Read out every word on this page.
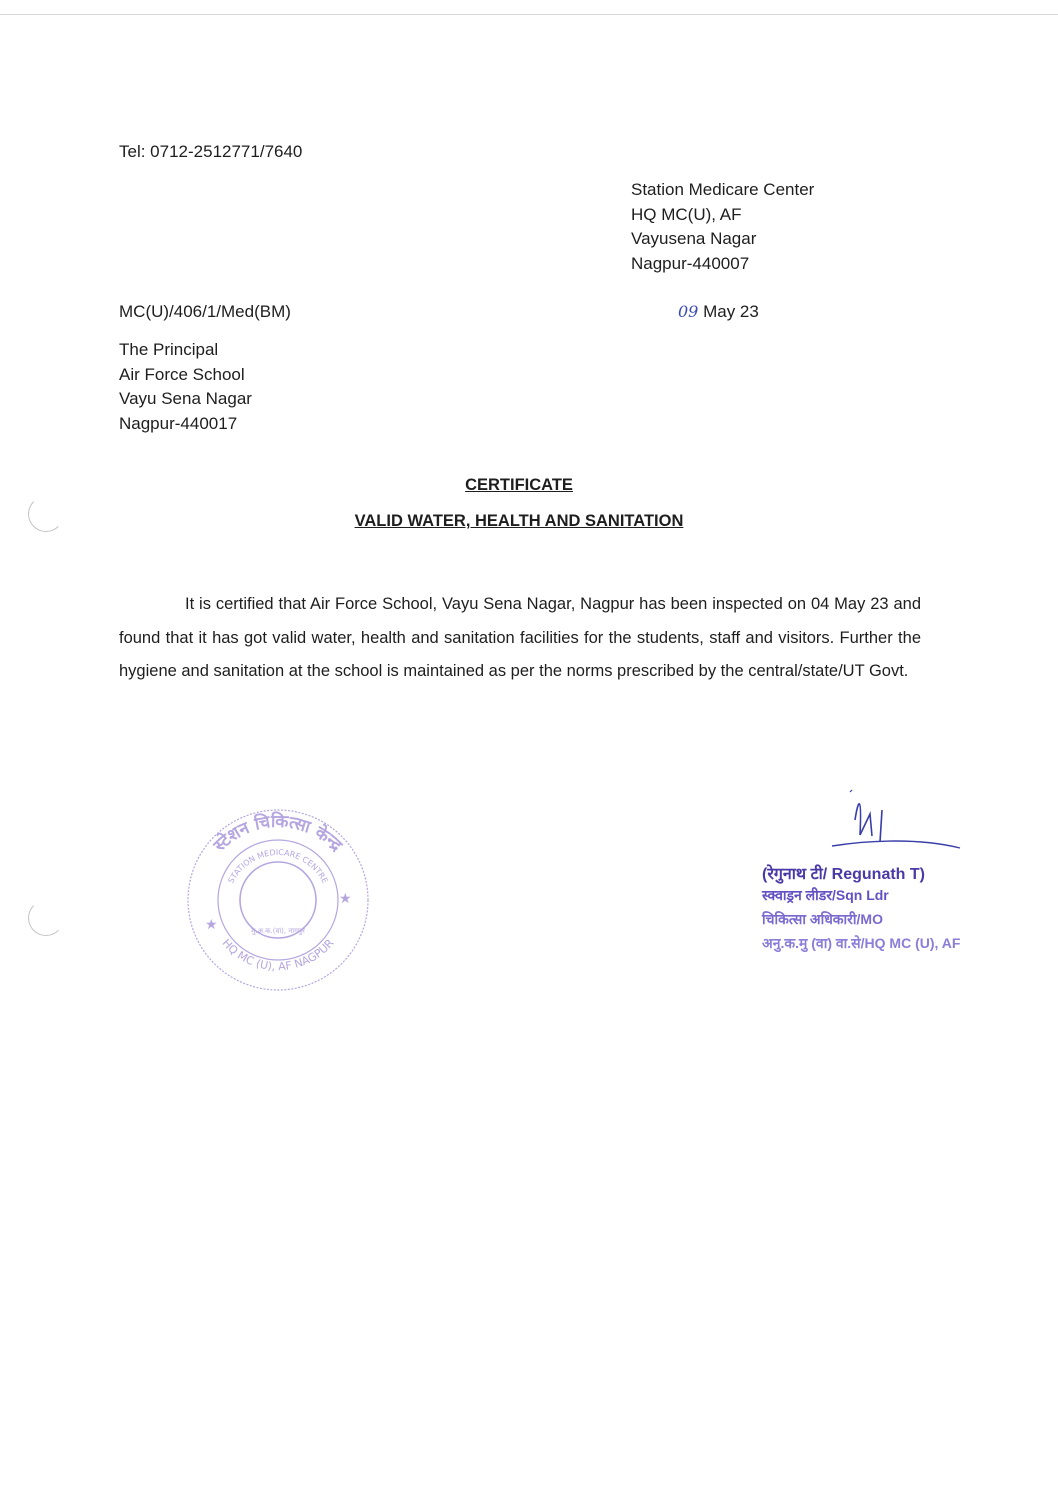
Tel: 0712-2512771/7640
Station Medicare Center
HQ MC(U), AF
Vayusena Nagar
Nagpur-440007
MC(U)/406/1/Med(BM)	09 May 23
The Principal
Air Force School
Vayu Sena Nagar
Nagpur-440017
CERTIFICATE
VALID WATER, HEALTH AND SANITATION
It is certified that Air Force School, Vayu Sena Nagar, Nagpur has been inspected on 04 May 23 and found that it has got valid water, health and sanitation facilities for the students, staff and visitors. Further the hygiene and sanitation at the school is maintained as per the norms prescribed by the central/state/UT Govt.
स्टेशन चिकित्सा केन्द्र
STATION MEDICARE CENTRE
HQ MC (U), AF NAGPUR
मु.अ.क.(वा), नागपुर
★
★
(रेगुनाथ टी/ Regunath T)
स्क्वाड्रन लीडर/Sqn Ldr
चिकित्सा अधिकारी/MO
अनु.क.मु (वा) वा.से/HQ MC (U), AF
